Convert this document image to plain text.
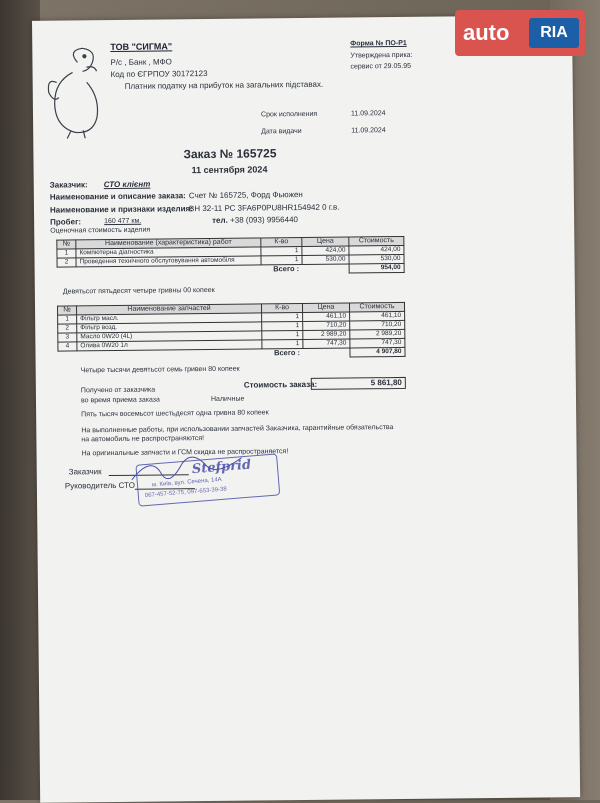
auto	RIA
ТОВ "СИГМА"
Р/с , Банк , МФО
Код по ЄГРПОУ 30172123
Платник податку на прибуток на загальних підставах.
Форма № ПО-Р1
Утверждена прика:
сервис от 29.05.95
Срок исполнения	11.09.2024
Дата видачи	11.09.2024
Заказ № 165725
11 сентября 2024
Заказчик: СТО клієнт
Наименование и описание заказа: Счет № 165725, Форд Фьюжен
Наименование и признаки изделия:
ВН 32-11 РС 3FA6P0PU8HR154942 0 г.в.
Пробег:	160 477 км.	тел. +38 (093) 9956440
Оценочная стоимость изделия
№	Наименование (характеристика) работ	К-во	Цена	Стоимость
1	Компютерна діагностика	1	424,00	424,00
2	Проведення технічного обслуговування автомобіля	1	530,00	530,00
Всего :				954,00
Девятьсот пятьдесят четыре гривны 00 копеек
№	Наименование запчастей	К-во	Цена	Стоимость
1	Фільтр масл.	1	461,10	461,10
2	Фільтр возд.	1	710,20	710,20
3	Масло 0W20 (4L)	1	2 989,20	2 989,20
4	Олива 0W20 1л	1	747,30	747,30
Всего :				4 907,80
Четыре тысячи девятьсот семь гривен 80 копеек
Получено от заказчика
во время приема заказа	Наличные
Стоимость заказа:	5 861,80
Пять тысяч восемьсот шестьдесят одна гривна 80 копеек
На выполненные работы, при использовании запчастей Заказчика, гарантийные обязательства на автомобиль не распространяются!
На оригинальные запчасти и ГСМ скидка не распространяется!
Заказчик
Руководитель СТО
Stefprid
м. Київ, вул. Сечена, 14А
067-457-52-75, 097-653-39-38
